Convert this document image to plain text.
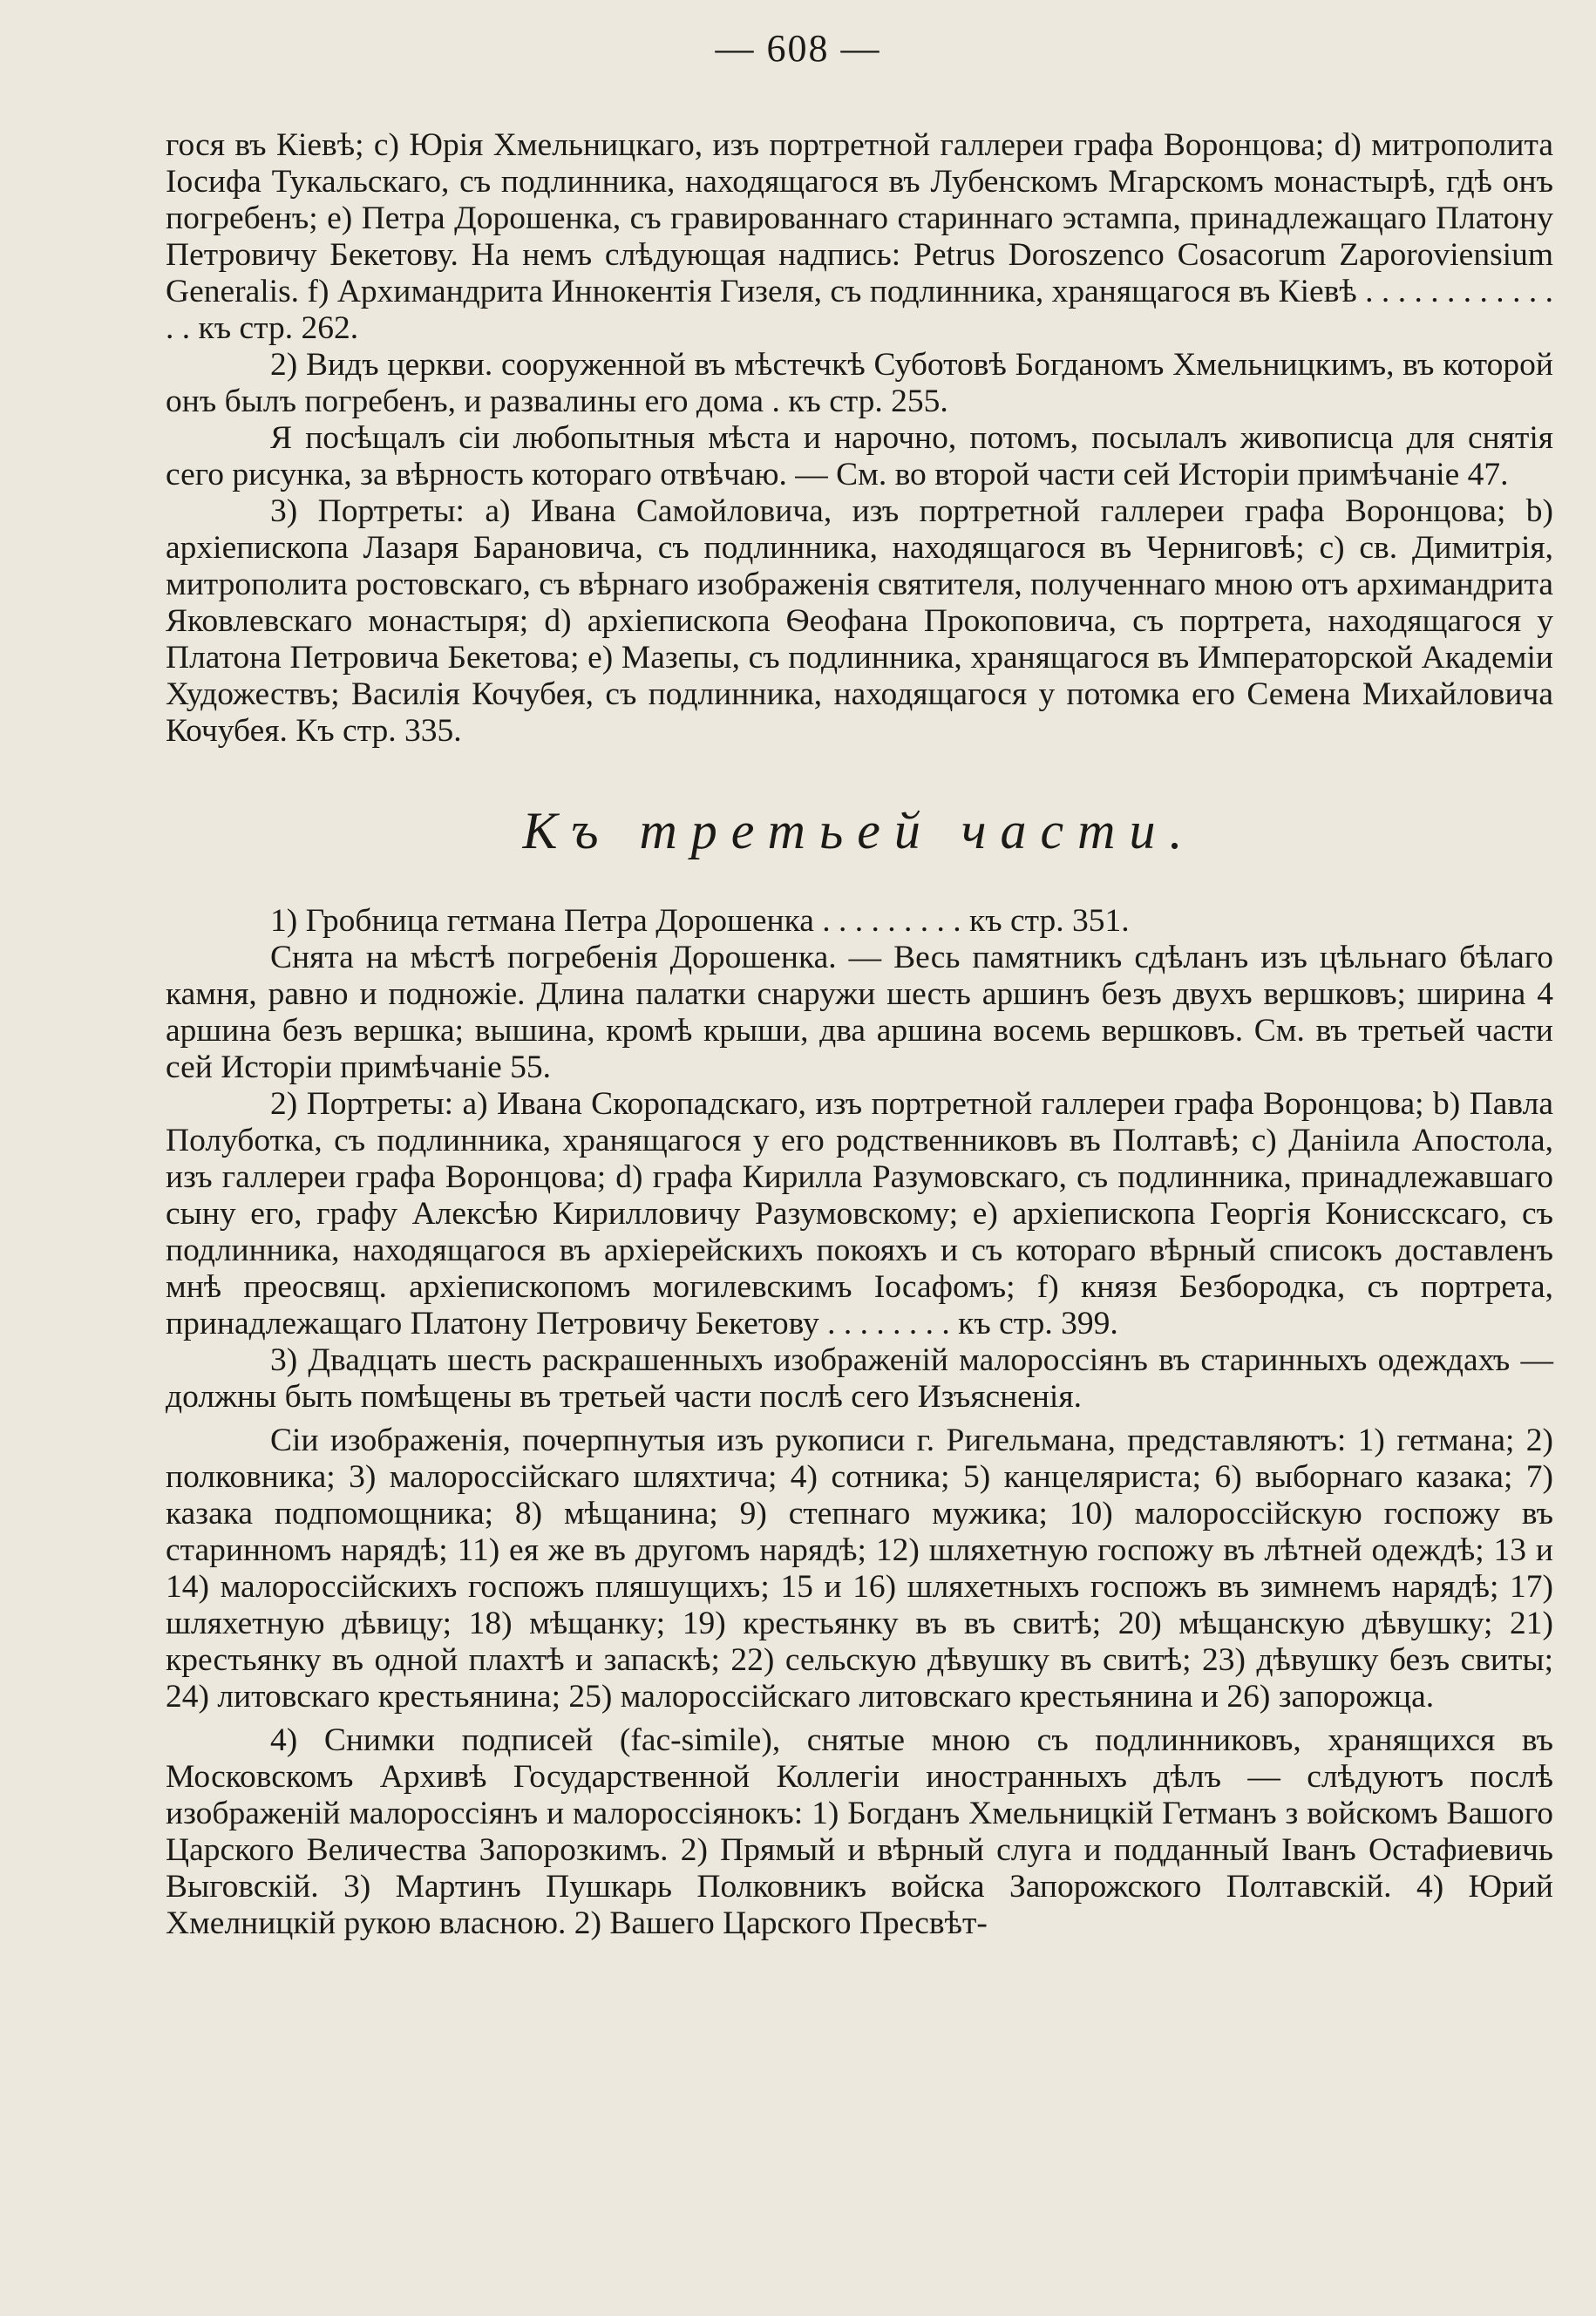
— 608 —

гося въ Кіевѣ; c) Юрія Хмельницкаго, изъ портретной галлереи графа Воронцова; d) митрополита Іосифа Тукальскаго, съ подлинника, находящагося въ Лубенскомъ Мгарскомъ монастырѣ, гдѣ онъ погребенъ; e) Петра Дорошенка, съ гравированнаго стариннаго эстампа, принадлежащаго Платону Петровичу Бекетову. На немъ слѣдующая надпись: Petrus Doroszenco Cosacorum Zaporoviensium Generalis. f) Архимандрита Иннокентія Гизеля, съ подлинника, хранящагося въ Кіевѣ . . . . . . . . . . . . . . къ стр. 262.

2) Видъ церкви. сооруженной въ мѣстечкѣ Суботовѣ Богданомъ Хмельницкимъ, въ которой онъ былъ погребенъ, и развалины его дома . къ стр. 255.

Я посѣщалъ сіи любопытныя мѣста и нарочно, потомъ, посылалъ живописца для снятія сего рисунка, за вѣрность котораго отвѣчаю. — См. во второй части сей Исторіи примѣчаніе 47.

3) Портреты: a) Ивана Самойловича, изъ портретной галлереи графа Воронцова; b) архіепископа Лазаря Барановича, съ подлинника, находящагося въ Черниговѣ; c) св. Димитрія, митрополита ростовскаго, съ вѣрнаго изображенія святителя, полученнаго мною отъ архимандрита Яковлевскаго монастыря; d) архіепископа Ѳеофана Прокоповича, съ портрета, находящагося у Платона Петровича Бекетова; e) Мазепы, съ подлинника, хранящагося въ Императорской Академіи Художествъ; Василія Кочубея, съ подлинника, находящагося у потомка его Семена Михайловича Кочубея. Къ стр. 335.

Къ третьей части.

1) Гробница гетмана Петра Дорошенка . . . . . . . . . къ стр. 351.

Снята на мѣстѣ погребенія Дорошенка. — Весь памятникъ сдѣланъ изъ цѣльнаго бѣлаго камня, равно и подножіе. Длина палатки снаружи шесть аршинъ безъ двухъ вершковъ; ширина 4 аршина безъ вершка; вышина, кромѣ крыши, два аршина восемь вершковъ. См. въ третьей части сей Исторіи примѣчаніе 55.

2) Портреты: a) Ивана Скоропадскаго, изъ портретной галлереи графа Воронцова; b) Павла Полуботка, съ подлинника, хранящагося у его родственниковъ въ Полтавѣ; c) Данiила Апостола, изъ галлереи графа Воронцова; d) графа Кирилла Разумовскаго, съ подлинника, принадлежавшаго сыну его, графу Алексѣю Кирилловичу Разумовскому; e) архіепископа Георгія Кониссксаго, съ подлинника, находящагося въ архіерейскихъ покояхъ и съ котораго вѣрный списокъ доставленъ мнѣ преосвящ. архіепископомъ могилевскимъ Іосафомъ; f) князя Безбородка, съ портрета, принадлежащаго Платону Петровичу Бекетову . . . . . . . . къ стр. 399.

3) Двадцать шесть раскрашенныхъ изображеній малороссіянъ въ старинныхъ одеждахъ — должны быть помѣщены въ третьей части послѣ сего Изъясненія.

Сіи изображенія, почерпнутыя изъ рукописи г. Ригельмана, представляютъ: 1) гетмана; 2) полковника; 3) малороссійскаго шляхтича; 4) сотника; 5) канцеляриста; 6) выборнаго казака; 7) казака подпомощника; 8) мѣщанина; 9) степнаго мужика; 10) малороссійскую госпожу въ старинномъ нарядѣ; 11) ея же въ другомъ нарядѣ; 12) шляхетную госпожу въ лѣтней одеждѣ; 13 и 14) малороссійскихъ госпожъ пляшущихъ; 15 и 16) шляхетныхъ госпожъ въ зимнемъ нарядѣ; 17) шляхетную дѣвицу; 18) мѣщанку; 19) крестьянку въ въ свитѣ; 20) мѣщанскую дѣвушку; 21) крестьянку въ одной плахтѣ и запаскѣ; 22) сельскую дѣвушку въ свитѣ; 23) дѣвушку безъ свиты; 24) литовскаго крестьянина; 25) малороссійскаго литовскаго крестьянина и 26) запорожца.

4) Снимки подписей (fac-simile), снятые мною съ подлинниковъ, хранящихся въ Московскомъ Архивѣ Государственной Коллегіи иностранныхъ дѣлъ — слѣдуютъ послѣ изображеній малороссіянъ и малороссіянокъ: 1) Богданъ Хмельницкій Гетманъ з войскомъ Вашого Царского Величества Запорозкимъ. 2) Прямый и вѣрный слуга и подданный Іванъ Остафиевичь Выговскій. 3) Мартинъ Пушкарь Полковникъ войска Запорожского Полтавскій. 4) Юрий Хмелницкій рукою власною. 2) Вашего Царского Пресвѣт-
